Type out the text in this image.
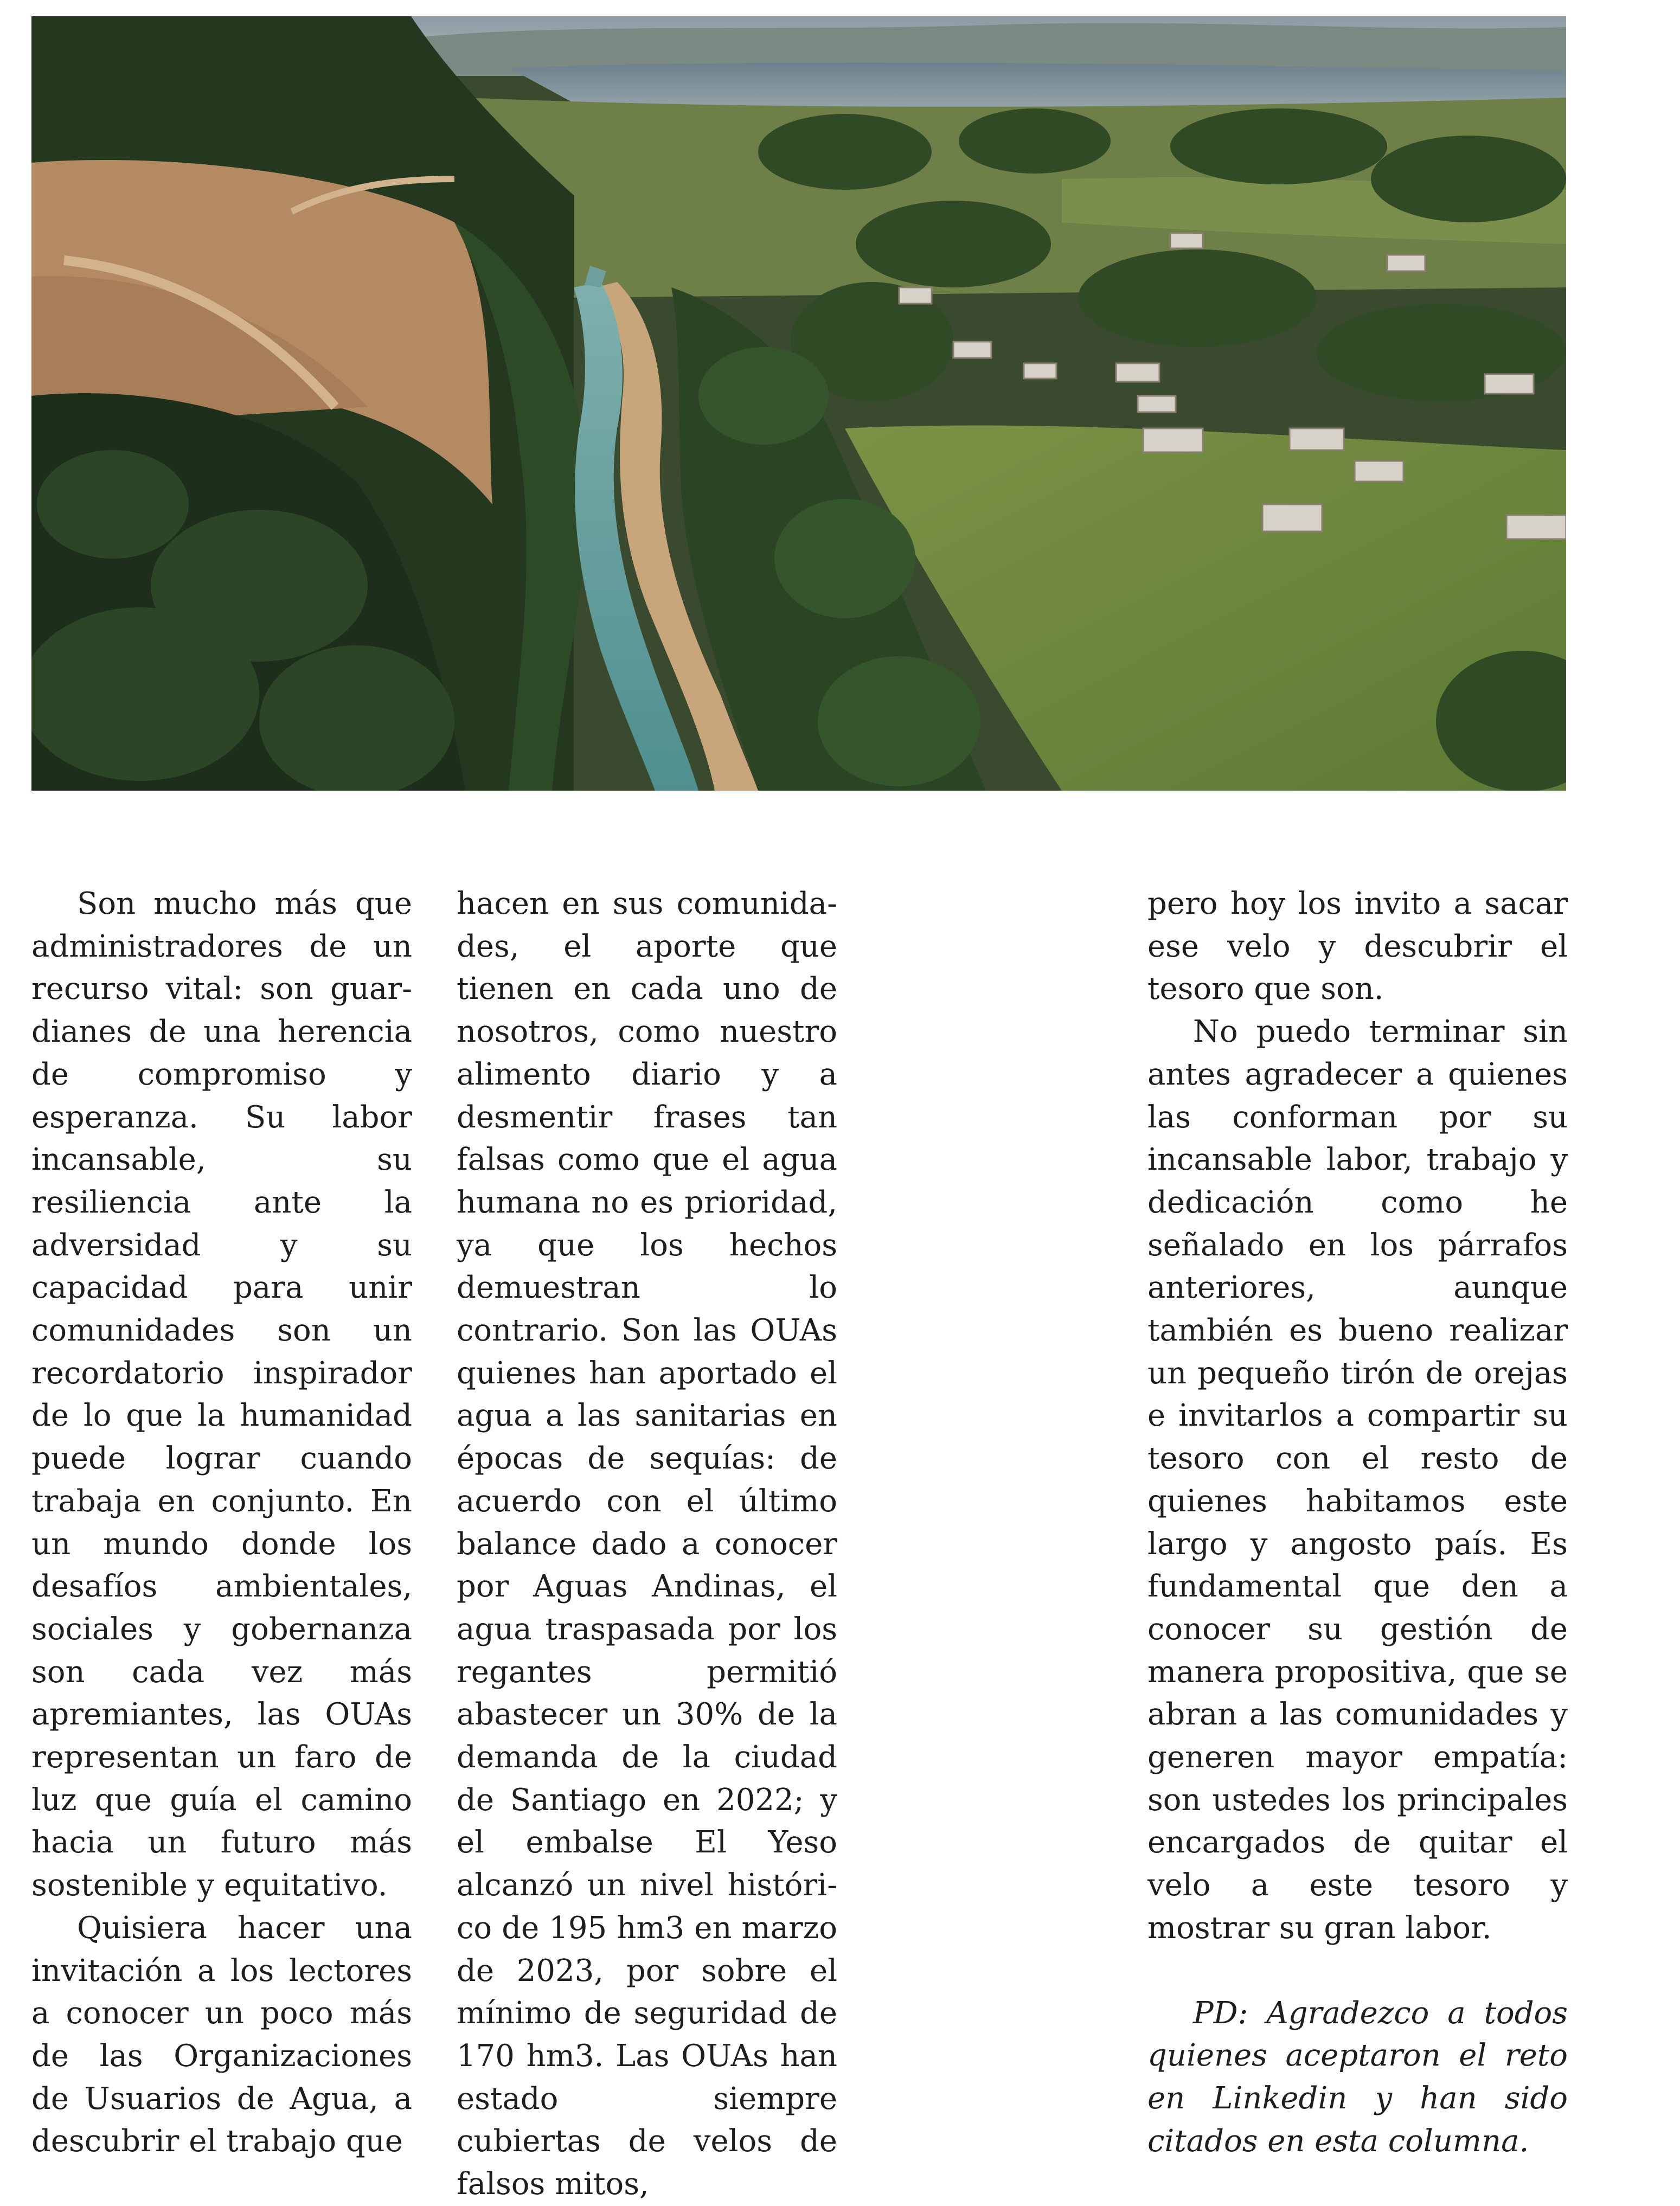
Son mucho más que administradores de un recurso vital: son guardianes de una herencia de compromiso y esperanza. Su labor incansable, su resiliencia ante la adversidad y su capacidad para unir comunidades son un recordatorio inspirador de lo que la humanidad puede lograr cuando trabaja en conjunto. En un mundo donde los desafíos ambientales, sociales y gobernanza son cada vez más apremiantes, las OUAs representan un faro de luz que guía el camino hacia un futuro más sostenible y equitativo.

Quisiera hacer una invitación a los lectores a conocer un poco más de las Organizaciones de Usuarios de Agua, a descubrir el trabajo que

hacen en sus comunidades, el aporte que tienen en cada uno de nosotros, como nuestro alimento diario y a desmentir frases tan falsas como que el agua humana no es prioridad, ya que los hechos demuestran lo contrario. Son las OUAs quienes han aportado el agua a las sanitarias en épocas de sequías: de acuerdo con el último balance dado a conocer por Aguas Andinas, el agua traspasada por los regantes permitió abastecer un 30% de la demanda de la ciudad de Santiago en 2022; y el embalse El Yeso alcanzó un nivel histórico de 195 hm3 en marzo de 2023, por sobre el mínimo de seguridad de 170 hm3. Las OUAs han estado siempre cubiertas de velos de falsos mitos,

pero hoy los invito a sacar ese velo y descubrir el tesoro que son.

No puedo terminar sin antes agradecer a quienes las conforman por su incansable labor, trabajo y dedicación como he señalado en los párrafos anteriores, aunque también es bueno realizar un pequeño tirón de orejas e invitarlos a compartir su tesoro con el resto de quienes habitamos este largo y angosto país. Es fundamental que den a conocer su gestión de manera propositiva, que se abran a las comunidades y generen mayor empatía: son ustedes los principales encargados de quitar el velo a este tesoro y mostrar su gran labor.

PD: Agradezco a todos quienes aceptaron el reto en Linkedin y han sido citados en esta columna.
